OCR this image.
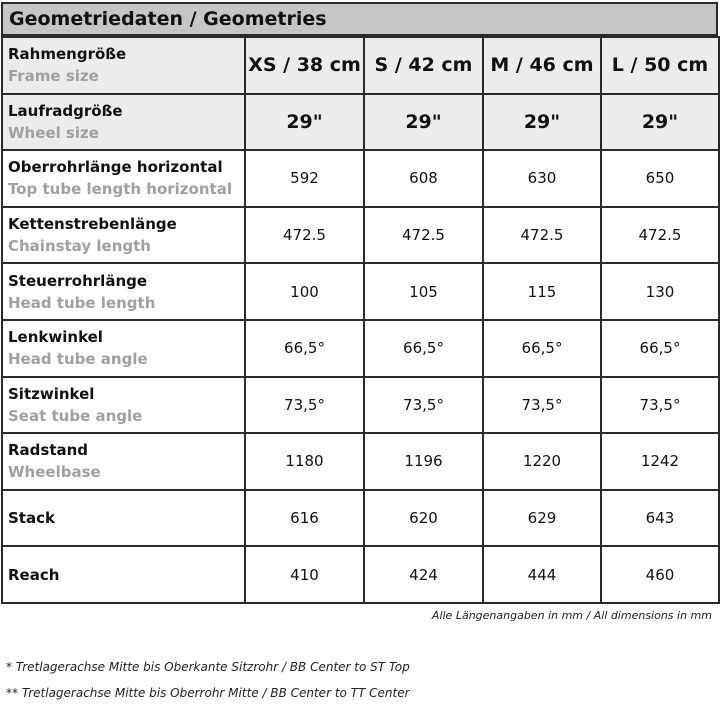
Geometriedaten / Geometries
Rahmengröße
Frame size	XS / 38 cm	S / 42 cm	M / 46 cm	L / 50 cm

Laufradgröße
Wheel size	29"	29"	29"	29"

Oberrohrlänge horizontal
Top tube length horizontal	592	608	630	650

Kettenstrebenlänge
Chainstay length	472.5	472.5	472.5	472.5

Steuerrohrlänge
Head tube length	100	105	115	130

Lenkwinkel
Head tube angle	66,5°	66,5°	66,5°	66,5°

Sitzwinkel
Seat tube angle	73,5°	73,5°	73,5°	73,5°

Radstand
Wheelbase	1180	1196	1220	1242

Stack	616	620	629	643

Reach	410	424	444	460
Alle Längenangaben in mm / All dimensions in mm
* Tretlagerachse Mitte bis Oberkante Sitzrohr / BB Center to ST Top
** Tretlagerachse Mitte bis Oberrohr Mitte / BB Center to TT Center
